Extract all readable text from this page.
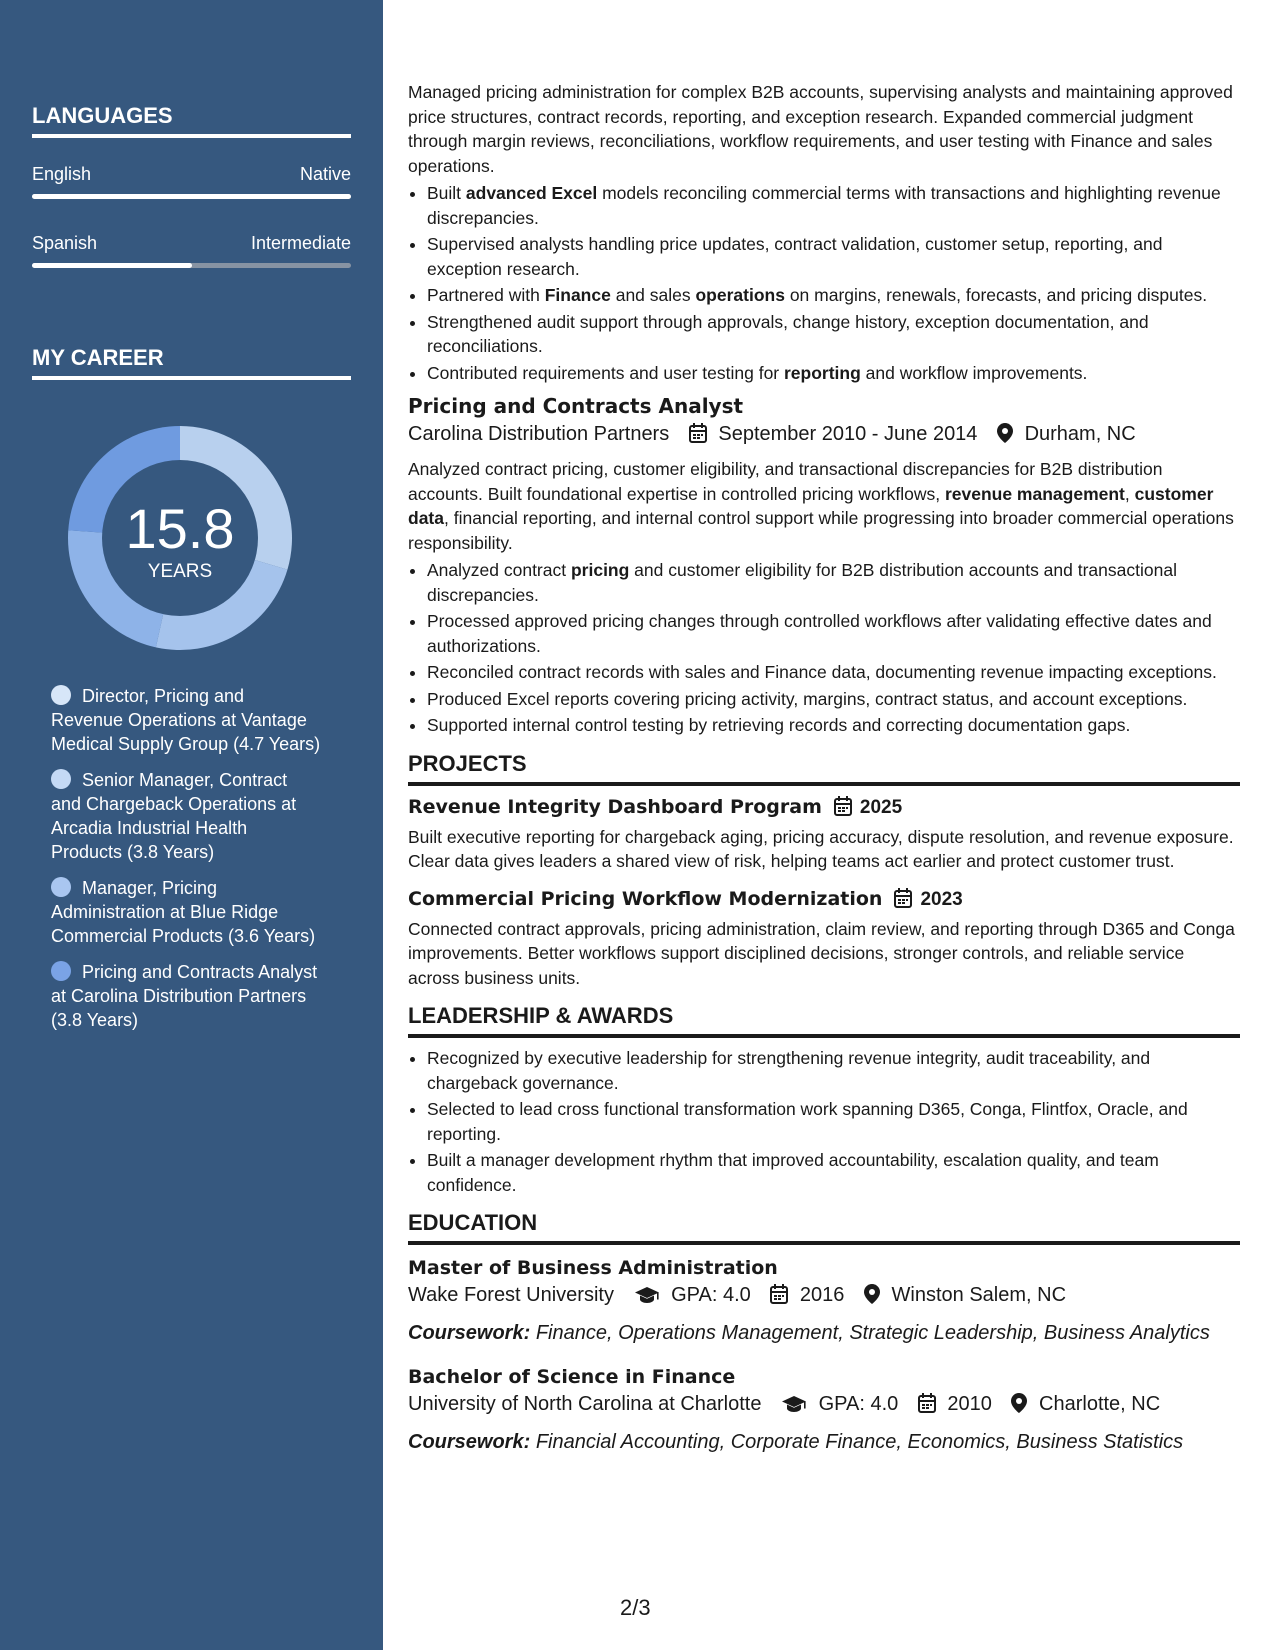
LANGUAGES
English	Native
Spanish	Intermediate
MY CAREER
15.8
YEARS
Director, Pricing and Revenue Operations at Vantage Medical Supply Group (4.7 Years)
Senior Manager, Contract and Chargeback Operations at Arcadia Industrial Health Products (3.8 Years)
Manager, Pricing Administration at Blue Ridge Commercial Products (3.6 Years)
Pricing and Contracts Analyst at Carolina Distribution Partners (3.8 Years)

Managed pricing administration for complex B2B accounts, supervising analysts and maintaining approved price structures, contract records, reporting, and exception research. Expanded commercial judgment through margin reviews, reconciliations, workflow requirements, and user testing with Finance and sales operations.

• Built advanced Excel models reconciling commercial terms with transactions and highlighting revenue discrepancies.
• Supervised analysts handling price updates, contract validation, customer setup, reporting, and exception research.
• Partnered with Finance and sales operations on margins, renewals, forecasts, and pricing disputes.
• Strengthened audit support through approvals, change history, exception documentation, and reconciliations.
• Contributed requirements and user testing for reporting and workflow improvements.
Pricing and Contracts Analyst
Carolina Distribution Partners September 2010 - June 2014 Durham, NC

Analyzed contract pricing, customer eligibility, and transactional discrepancies for B2B distribution accounts. Built foundational expertise in controlled pricing workflows, revenue management, customer data, financial reporting, and internal control support while progressing into broader commercial operations responsibility.

• Analyzed contract pricing and customer eligibility for B2B distribution accounts and transactional discrepancies.
• Processed approved pricing changes through controlled workflows after validating effective dates and authorizations.
• Reconciled contract records with sales and Finance data, documenting revenue impacting exceptions.
• Produced Excel reports covering pricing activity, margins, contract status, and account exceptions.
• Supported internal control testing by retrieving records and correcting documentation gaps.
PROJECTS
Revenue Integrity Dashboard Program 2025

Built executive reporting for chargeback aging, pricing accuracy, dispute resolution, and revenue exposure. Clear data gives leaders a shared view of risk, helping teams act earlier and protect customer trust.

Commercial Pricing Workflow Modernization 2023

Connected contract approvals, pricing administration, claim review, and reporting through D365 and Conga improvements. Better workflows support disciplined decisions, stronger controls, and reliable service across business units.

LEADERSHIP & AWARDS
• Recognized by executive leadership for strengthening revenue integrity, audit traceability, and chargeback governance.
• Selected to lead cross functional transformation work spanning D365, Conga, Flintfox, Oracle, and reporting.
• Built a manager development rhythm that improved accountability, escalation quality, and team confidence.
EDUCATION
Master of Business Administration
Wake Forest University	GPA: 4.0 2016 Winston Salem, NC
Coursework: Finance, Operations Management, Strategic Leadership, Business Analytics
Bachelor of Science in Finance
University of North Carolina at Charlotte	GPA: 4.0 2010 Charlotte, NC
Coursework: Financial Accounting, Corporate Finance, Economics, Business Statistics
2/3
